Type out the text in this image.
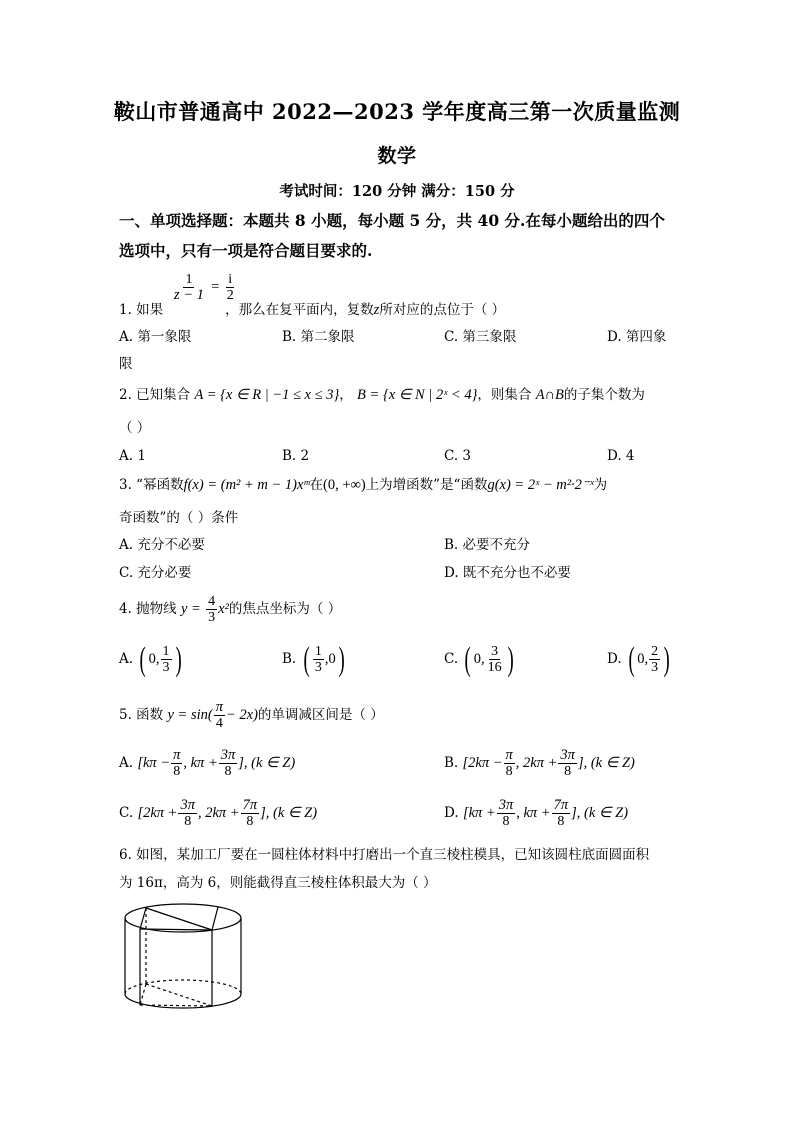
鞍山市普通高中 2022—2023 学年度高三第一次质量监测
数学
考试时间：120 分钟 满分：150 分
一、单项选择题：本题共 8 小题，每小题 5 分，共 40 分.在每小题给出的四个
选项中，只有一项是符合题目要求的.
$\frac{1}{z - 1} = \frac{i}{2}$
1. 如果	，那么在复平面内，复数z所对应的点位于（ ）
A. 第一象限	B. 第二象限	C. 第三象限	D. 第四象
限
2. 已知集合 A = {x ∈ R | −1 ≤ x ≤ 3}， B = {x ∈ N | 2ˣ < 4}，则集合 A∩B的子集个数为
（ ）
A. 1	B. 2	C. 3	D. 4
3. “幂函数f(x) = (m² + m − 1)xᵐ在(0, +∞)上为增函数”是“函数g(x) = 2ˣ − m²·2⁻ˣ为
奇函数”的（ ）条件
A. 充分不必要	B. 必要不充分
C. 充分必要	D. 既不充分也不必要
4. 抛物线 $y = \frac{4}{3} x^2$的焦点坐标为（ ）
A. ( 0, $\frac{1}{3}$ )	B. ( $\frac{1}{3} ,0$)	C. ( 0, $\frac{3}{16}$ )	D. ( 0, $\frac{2}{3}$ )
5. 函数 $y = \sin( \frac{\pi}{4} - 2x)$的单调减区间是（ ）
A. [$k\pi - \frac{\pi}{8}$ , $k\pi + \frac{3\pi}{8}$ ], (k ∈ Z)	B. [$2k\pi - \frac{\pi}{8}$ , $2k\pi + \frac{3\pi}{8}$ ], (k ∈ Z)
C. [$2k\pi + \frac{3\pi}{8}$ , $2k\pi + \frac{7\pi}{8}$ ], (k ∈ Z)	D. [$k\pi + \frac{3\pi}{8}$ , $k\pi + \frac{7\pi}{8}$ ], (k ∈ Z)
6. 如图，某加工厂要在一圆柱体材料中打磨出一个直三棱柱模具，已知该圆柱底面圆面积
为 16π，高为 6，则能截得直三棱柱体积最大为（ ）
